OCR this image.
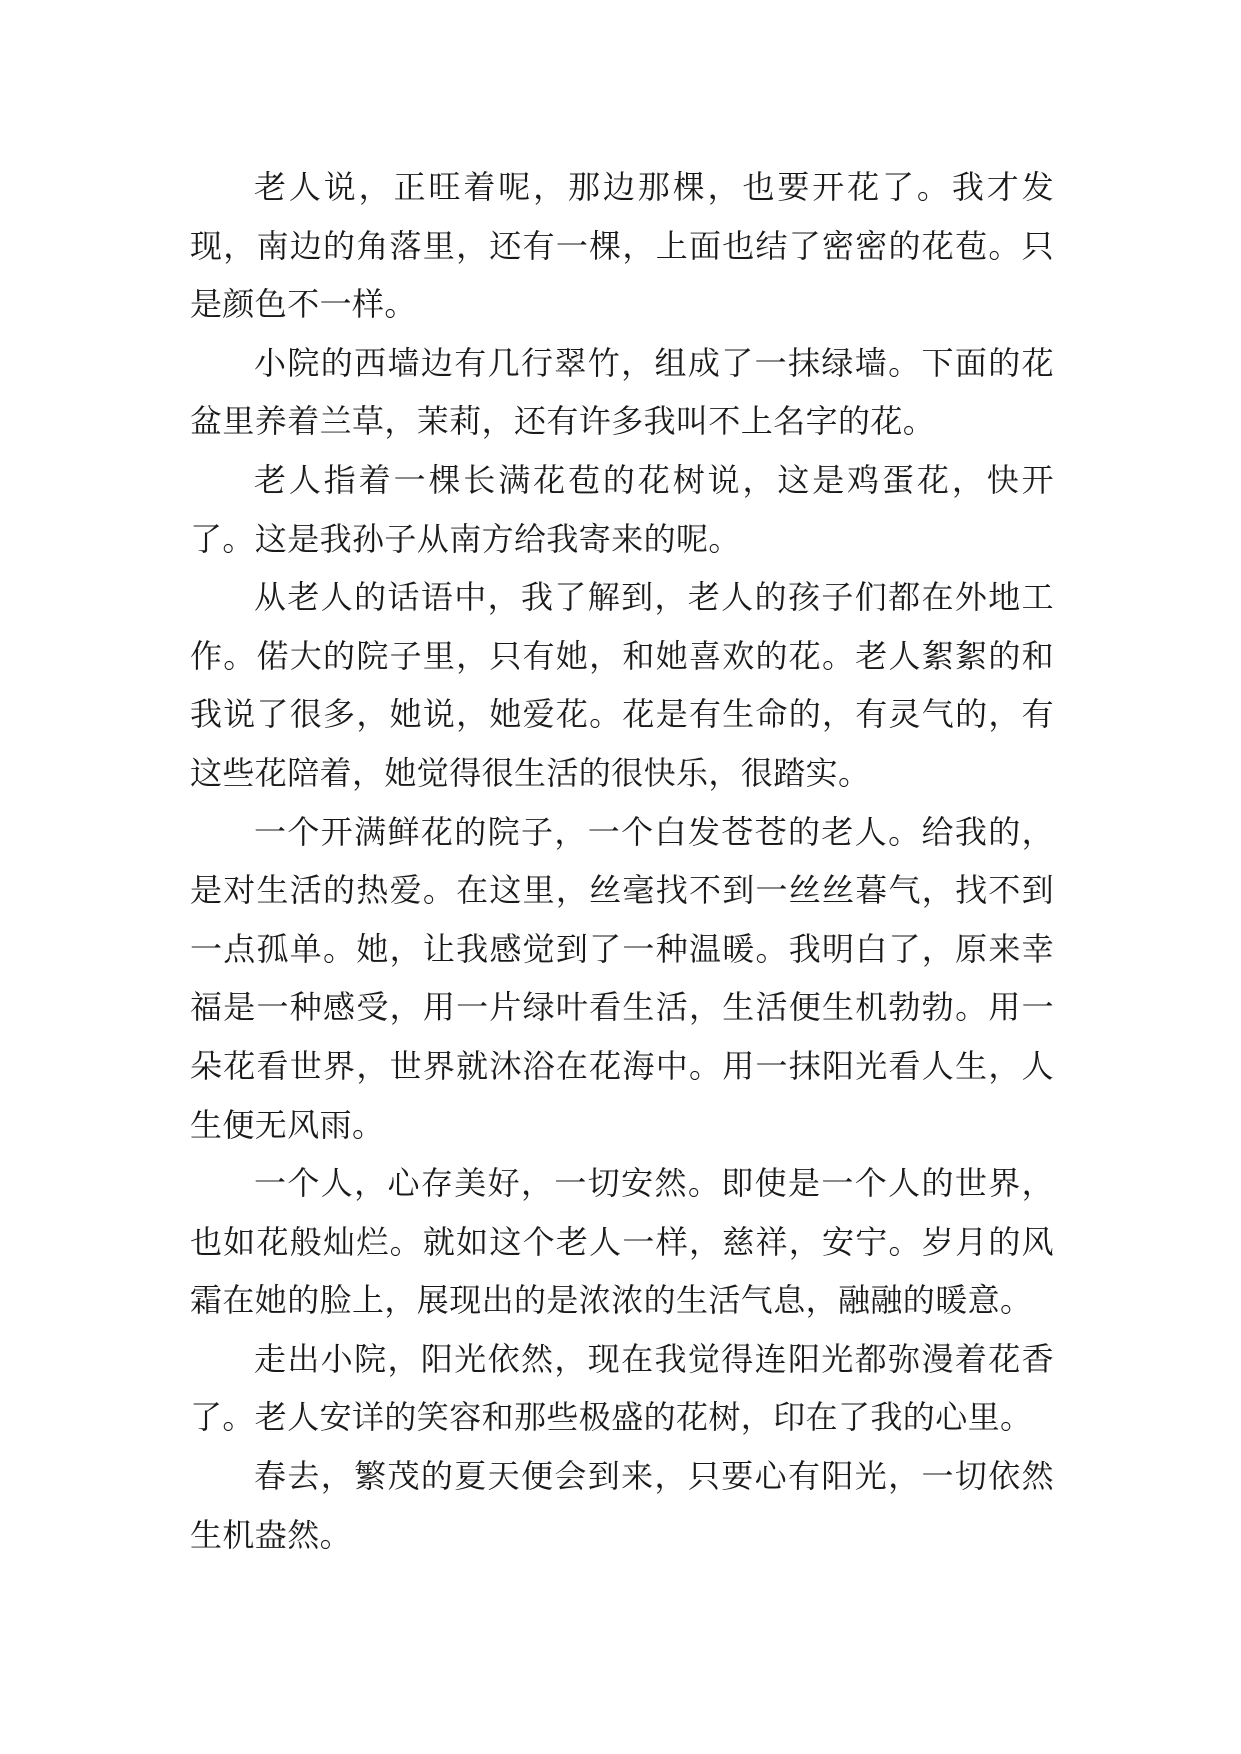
老人说，正旺着呢，那边那棵，也要开花了。我才发现，南边的角落里，还有一棵，上面也结了密密的花苞。只是颜色不一样。

小院的西墙边有几行翠竹，组成了一抹绿墙。下面的花盆里养着兰草，茉莉，还有许多我叫不上名字的花。

老人指着一棵长满花苞的花树说，这是鸡蛋花，快开了。这是我孙子从南方给我寄来的呢。

从老人的话语中，我了解到，老人的孩子们都在外地工作。偌大的院子里，只有她，和她喜欢的花。老人絮絮的和我说了很多，她说，她爱花。花是有生命的，有灵气的，有这些花陪着，她觉得很生活的很快乐，很踏实。

一个开满鲜花的院子，一个白发苍苍的老人。给我的，是对生活的热爱。在这里，丝毫找不到一丝丝暮气，找不到一点孤单。她，让我感觉到了一种温暖。我明白了，原来幸福是一种感受，用一片绿叶看生活，生活便生机勃勃。用一朵花看世界，世界就沐浴在花海中。用一抹阳光看人生，人生便无风雨。

一个人，心存美好，一切安然。即使是一个人的世界，也如花般灿烂。就如这个老人一样，慈祥，安宁。岁月的风霜在她的脸上，展现出的是浓浓的生活气息，融融的暖意。

走出小院，阳光依然，现在我觉得连阳光都弥漫着花香了。老人安详的笑容和那些极盛的花树，印在了我的心里。

春去，繁茂的夏天便会到来，只要心有阳光，一切依然生机盎然。
